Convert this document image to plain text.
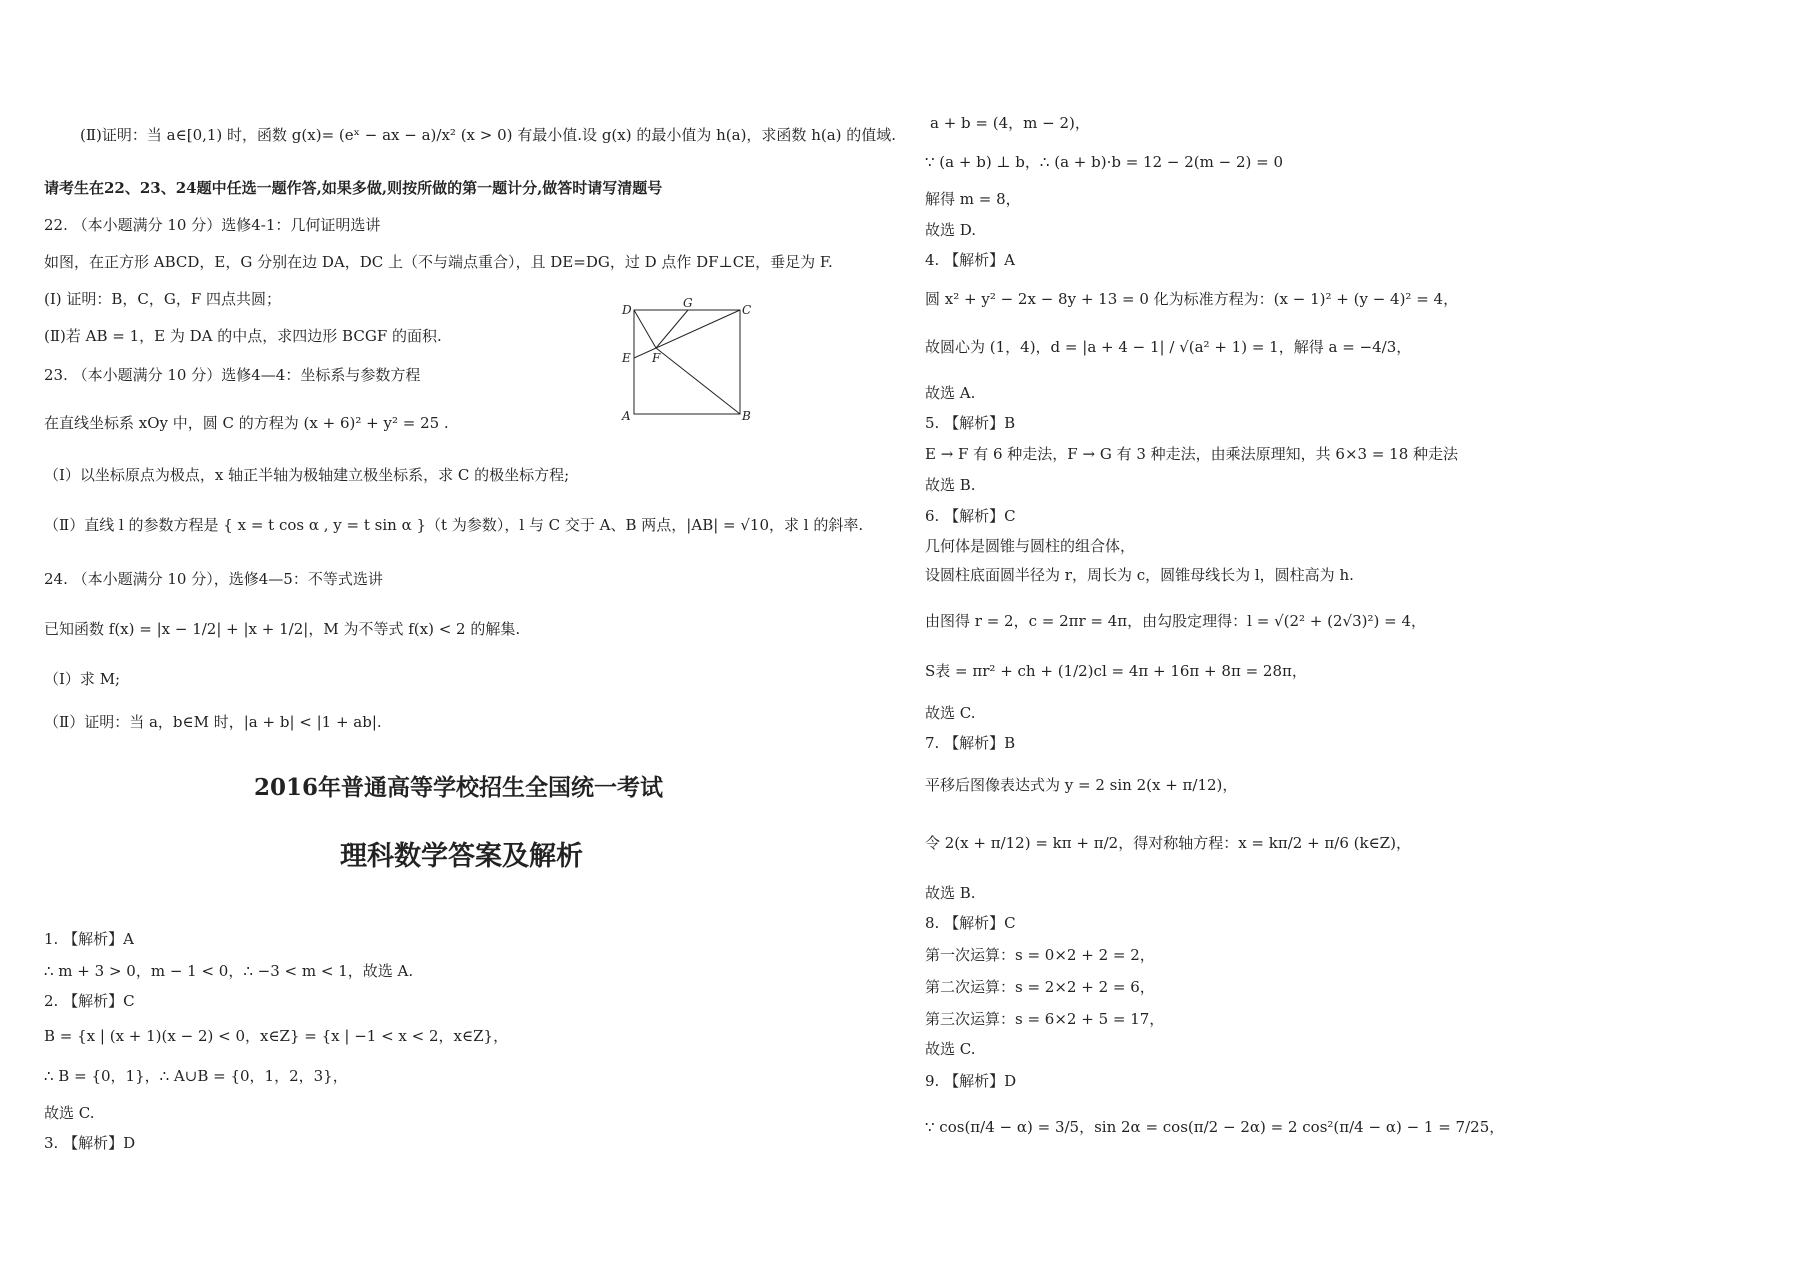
(Ⅱ)证明：当 a∈[0,1) 时，函数 g(x)= (eˣ − ax − a)/x² (x > 0) 有最小值.设 g(x) 的最小值为 h(a)，求函数 h(a) 的值域.
请考生在22、23、24题中任选一题作答,如果多做,则按所做的第一题计分,做答时请写清题号
22. （本小题满分 10 分）选修4-1：几何证明选讲
如图，在正方形 ABCD，E，G 分别在边 DA，DC 上（不与端点重合），且 DE=DG，过 D 点作 DF⊥CE，垂足为 F.
(Ⅰ) 证明：B，C，G，F 四点共圆；
(Ⅱ)若 AB = 1，E 为 DA 的中点，求四边形 BCGF 的面积.
23. （本小题满分 10 分）选修4—4：坐标系与参数方程
在直线坐标系 xOy 中，圆 C 的方程为 (x + 6)² + y² = 25 .
（I）以坐标原点为极点，x 轴正半轴为极轴建立极坐标系，求 C 的极坐标方程;
（Ⅱ）直线 l 的参数方程是 { x = t cos α , y = t sin α }（t 为参数），l 与 C 交于 A、B 两点，|AB| = √10，求 l 的斜率.
24. （本小题满分 10 分），选修4—5：不等式选讲
已知函数 f(x) = |x − 1/2| + |x + 1/2|，M 为不等式 f(x) < 2 的解集.
（I）求 M;
（Ⅱ）证明：当 a，b∈M 时，|a + b| < |1 + ab|.
2016年普通高等学校招生全国统一考试
理科数学答案及解析
1. 【解析】A
∴ m + 3 > 0，m − 1 < 0，∴ −3 < m < 1，故选 A.
2. 【解析】C
B = {x | (x + 1)(x − 2) < 0，x∈Z} = {x | −1 < x < 2，x∈Z}，
∴ B = {0，1}，∴ A∪B = {0，1，2，3}，
故选 C.
3. 【解析】D
D	G	C
E F
A	B
a + b = (4，m − 2)，
∵ (a + b) ⊥ b，∴ (a + b)·b = 12 − 2(m − 2) = 0
解得 m = 8，
故选 D.
4. 【解析】A
圆 x² + y² − 2x − 8y + 13 = 0 化为标准方程为：(x − 1)² + (y − 4)² = 4，
故圆心为 (1，4)，d = |a + 4 − 1| / √(a² + 1) = 1，解得 a = −4/3，
故选 A.
5. 【解析】B
E → F 有 6 种走法，F → G 有 3 种走法，由乘法原理知，共 6×3 = 18 种走法
故选 B.
6. 【解析】C
几何体是圆锥与圆柱的组合体，
设圆柱底面圆半径为 r，周长为 c，圆锥母线长为 l，圆柱高为 h.
由图得 r = 2，c = 2πr = 4π，由勾股定理得：l = √(2² + (2√3)²) = 4，
S表 = πr² + ch + (1/2)cl = 4π + 16π + 8π = 28π，
故选 C.
7. 【解析】B
平移后图像表达式为 y = 2 sin 2(x + π/12)，
令 2(x + π/12) = kπ + π/2，得对称轴方程：x = kπ/2 + π/6 (k∈Z)，
故选 B.
8. 【解析】C
第一次运算：s = 0×2 + 2 = 2，
第二次运算：s = 2×2 + 2 = 6，
第三次运算：s = 6×2 + 5 = 17，
故选 C.
9. 【解析】D
∵ cos(π/4 − α) = 3/5，sin 2α = cos(π/2 − 2α) = 2 cos²(π/4 − α) − 1 = 7/25，
